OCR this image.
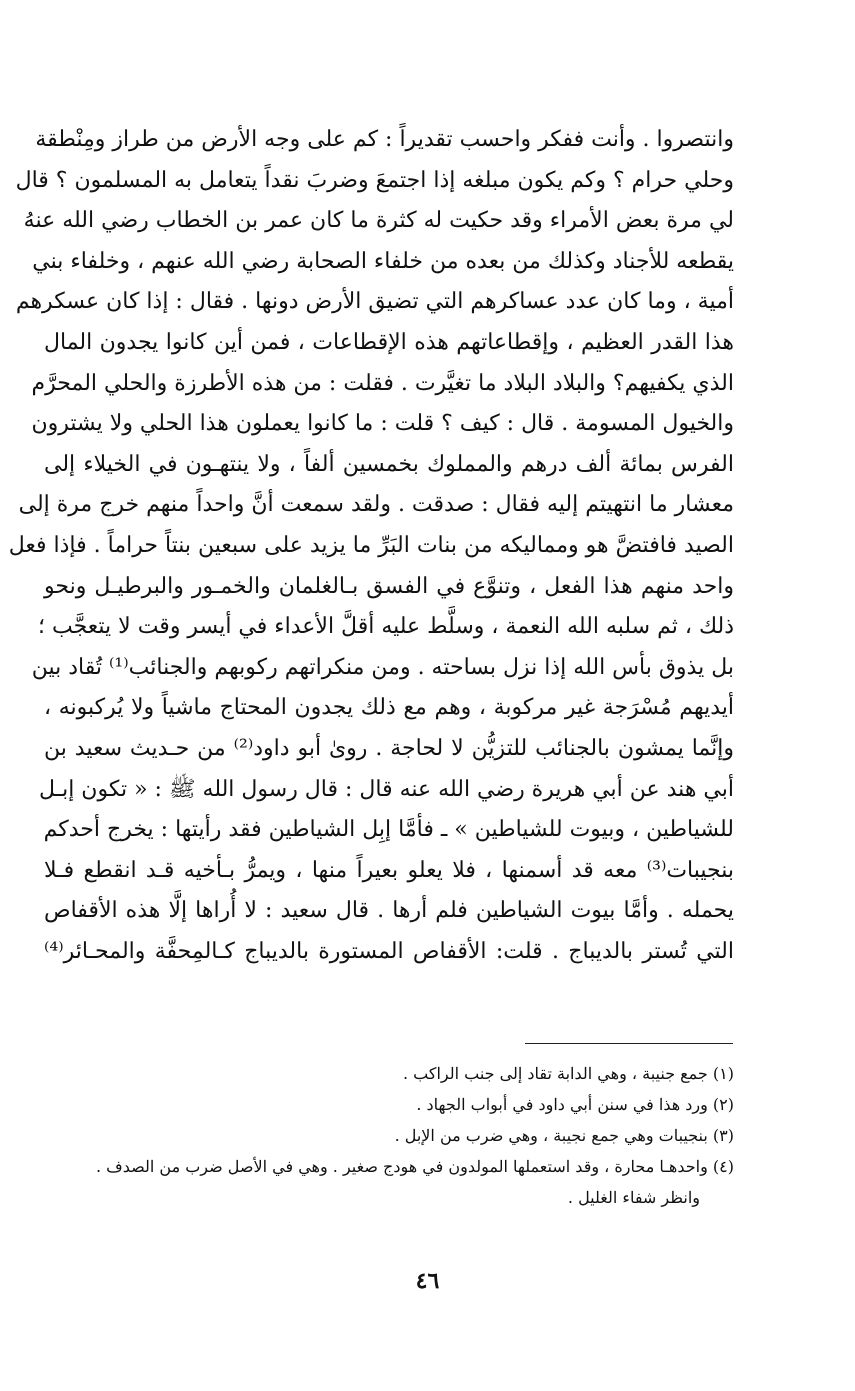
وانتصروا . وأنت ففكر واحسب تقديراً : كم على وجه الأرض من طراز ومِنْطقة
وحلي حرام ؟ وكم يكون مبلغه إذا اجتمعَ وضربَ نقداً يتعامل به المسلمون ؟ قال
لي مرة بعض الأمراء وقد حكيت له كثرة ما كان عمر بن الخطاب رضي الله عنهُ
يقطعه للأجناد وكذلك من بعده من خلفاء الصحابة رضي الله عنهم ، وخلفاء بني
أمية ، وما كان عدد عساكرهم التي تضيق الأرض دونها . فقال : إذا كان عسكرهم
هذا القدر العظيم ، وإقطاعاتهم هذه الإقطاعات ، فمن أين كانوا يجدون المال
الذي يكفيهم؟ والبلاد البلاد ما تغيَّرت . فقلت : من هذه الأطرزة والحلي المحرَّم
والخيول المسومة . قال : كيف ؟ قلت : ما كانوا يعملون هذا الحلي ولا يشترون
الفرس بمائة ألف درهم والمملوك بخمسين ألفاً ، ولا ينتهـون في الخيلاء إلى
معشار ما انتهيتم إليه فقال : صدقت . ولقد سمعت أنَّ واحداً منهم خرج مرة إلى
الصيد فافتضَّ هو ومماليكه من بنات البَرِّ ما يزيد على سبعين بنتاً حراماً . فإذا فعل
واحد منهم هذا الفعل ، وتنوَّع في الفسق بـالغلمان والخمـور والبرطيـل ونحو
ذلك ، ثم سلبه الله النعمة ، وسلَّط عليه أقلَّ الأعداء في أيسر وقت لا يتعجَّب ؛
بل يذوق بأس الله إذا نزل بساحته . ومن منكراتهم ركوبهم والجنائب⁽¹⁾ تُقاد بين
أيديهم مُسْرَجة غير مركوبة ، وهم مع ذلك يجدون المحتاج ماشياً ولا يُركبونه ،
وإنَّما يمشون بالجنائب للتزيُّن لا لحاجة . روىٰ أبو داود⁽²⁾ من حـديث سعيد بن
أبي هند عن أبي هريرة رضي الله عنه قال : قال رسول الله ﷺ : « تكون إبـل
للشياطين ، وبيوت للشياطين » ـ فأمَّا إبِل الشياطين فقد رأيتها : يخرج أحدكم
بنجيبات⁽³⁾ معه قد أسمنها ، فلا يعلو بعيراً منها ، ويمرُّ بـأخيه قـد انقطع فـلا
يحمله . وأمَّا بيوت الشياطين فلم أرها . قال سعيد : لا أُراها إلَّا هذه الأقفاص
التي تُستر بالديباج . قلت: الأقفاص المستورة بالديباج كـالمِحفَّة والمحـائر⁽⁴⁾
(١) جمع جنيبة ، وهي الدابة تقاد إلى جنب الراكب .
(٢) ورد هذا في سنن أبي داود في أبواب الجهاد .
(٣) بنجيبات وهي جمع نجيبة ، وهي ضرب من الإبل .
(٤) واحدهـا محارة ، وقد استعملها المولدون في هودج صغير . وهي في الأصل ضرب من الصدف .
وانظر شفاء الغليل .
٤٦
